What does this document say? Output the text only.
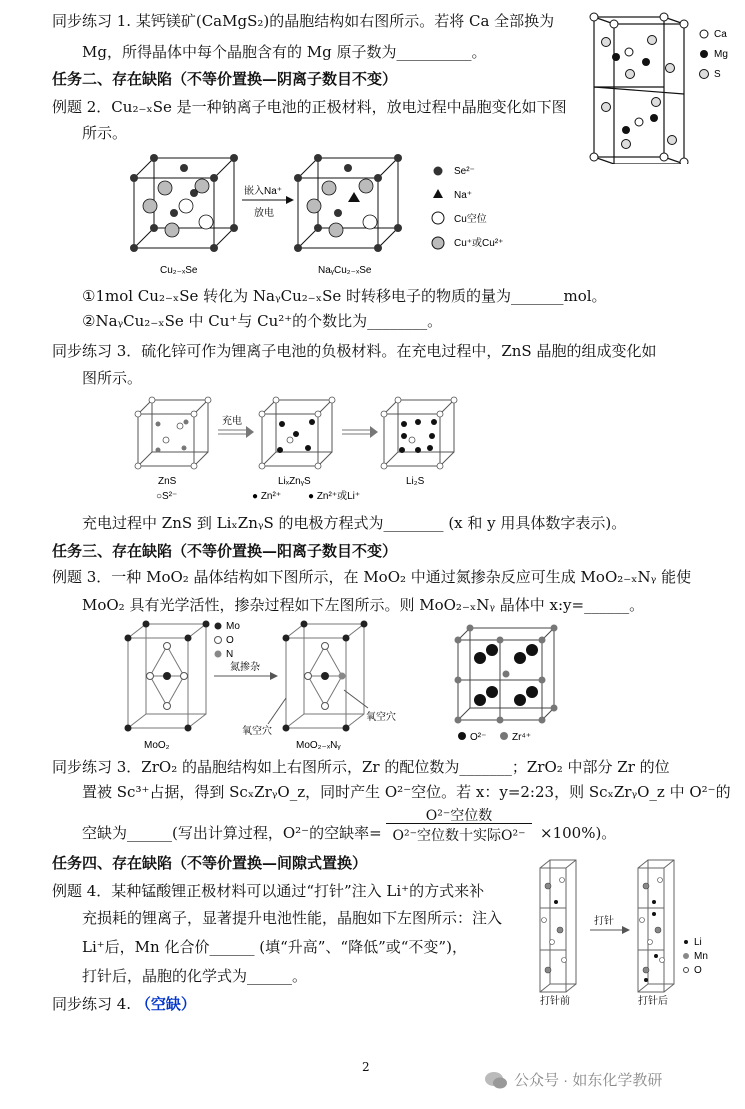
同步练习 1. 某钙镁矿(CaMgS₂)的晶胞结构如右图所示。若将 Ca 全部换为
Mg，所得晶体中每个晶胞含有的 Mg 原子数为__________。
任务二、存在缺陷（不等价置换—阴离子数目不变）
例题 2．Cu₂₋ₓSe 是一种钠离子电池的正极材料，放电过程中晶胞变化如下图
所示。
①1mol Cu₂₋ₓSe 转化为 NaᵧCu₂₋ₓSe 时转移电子的物质的量为_______mol。
②NaᵧCu₂₋ₓSe 中 Cu⁺与 Cu²⁺的个数比为________。
同步练习 3．硫化锌可作为锂离子电池的负极材料。在充电过程中，ZnS 晶胞的组成变化如
图所示。
充电过程中 ZnS 到 LiₓZnᵧS 的电极方程式为________ (x 和 y 用具体数字表示)。
任务三、存在缺陷（不等价置换—阳离子数目不变）
例题 3．一种 MoO₂ 晶体结构如下图所示，在 MoO₂ 中通过氮掺杂反应可生成 MoO₂₋ₓNᵧ 能使
MoO₂ 具有光学活性，掺杂过程如下左图所示。则 MoO₂₋ₓNᵧ 晶体中 x:y=______。
同步练习 3．ZrO₂ 的晶胞结构如上右图所示，Zr 的配位数为_______；ZrO₂ 中部分 Zr 的位
置被 Sc³⁺占据，得到 ScₓZrᵧO_z，同时产生 O²⁻空位。若 x：y=2:23，则 ScₓZrᵧO_z 中 O²⁻的
空缺为______(写出计算过程，O²⁻的空缺率=
O²⁻空位数
O²⁻空位数十实际O²⁻ ×100%)。
任务四、存在缺陷（不等价置换—间隙式置换）
例题 4．某种锰酸锂正极材料可以通过“打针”注入 Li⁺的方式来补
充损耗的锂离子，显著提升电池性能，晶胞如下左图所示：注入
Li⁺后，Mn 化合价______ (填“升高”、“降低”或“不变”)，
打针后，晶胞的化学式为______。
同步练习 4. （空缺）
Ca
Mg
S
嵌入Na⁺
放电
Cu₂₋ₓSe	NaᵧCu₂₋ₓSe
Se²⁻
Na⁺
Cu空位
Cu⁺或Cu²⁺
充电
ZnS	LiₓZnᵧS	Li₂S
○S²⁻	● Zn²⁺	● Zn²⁺或Li⁺
Mo
O
N
氮掺杂
氧空穴
氧空穴
MoO₂	MoO₂₋ₓNᵧ
O²⁻	Zr⁴⁺
打针
打针前	打针后
Li
Mn
O
2
公众号 · 如东化学教研
